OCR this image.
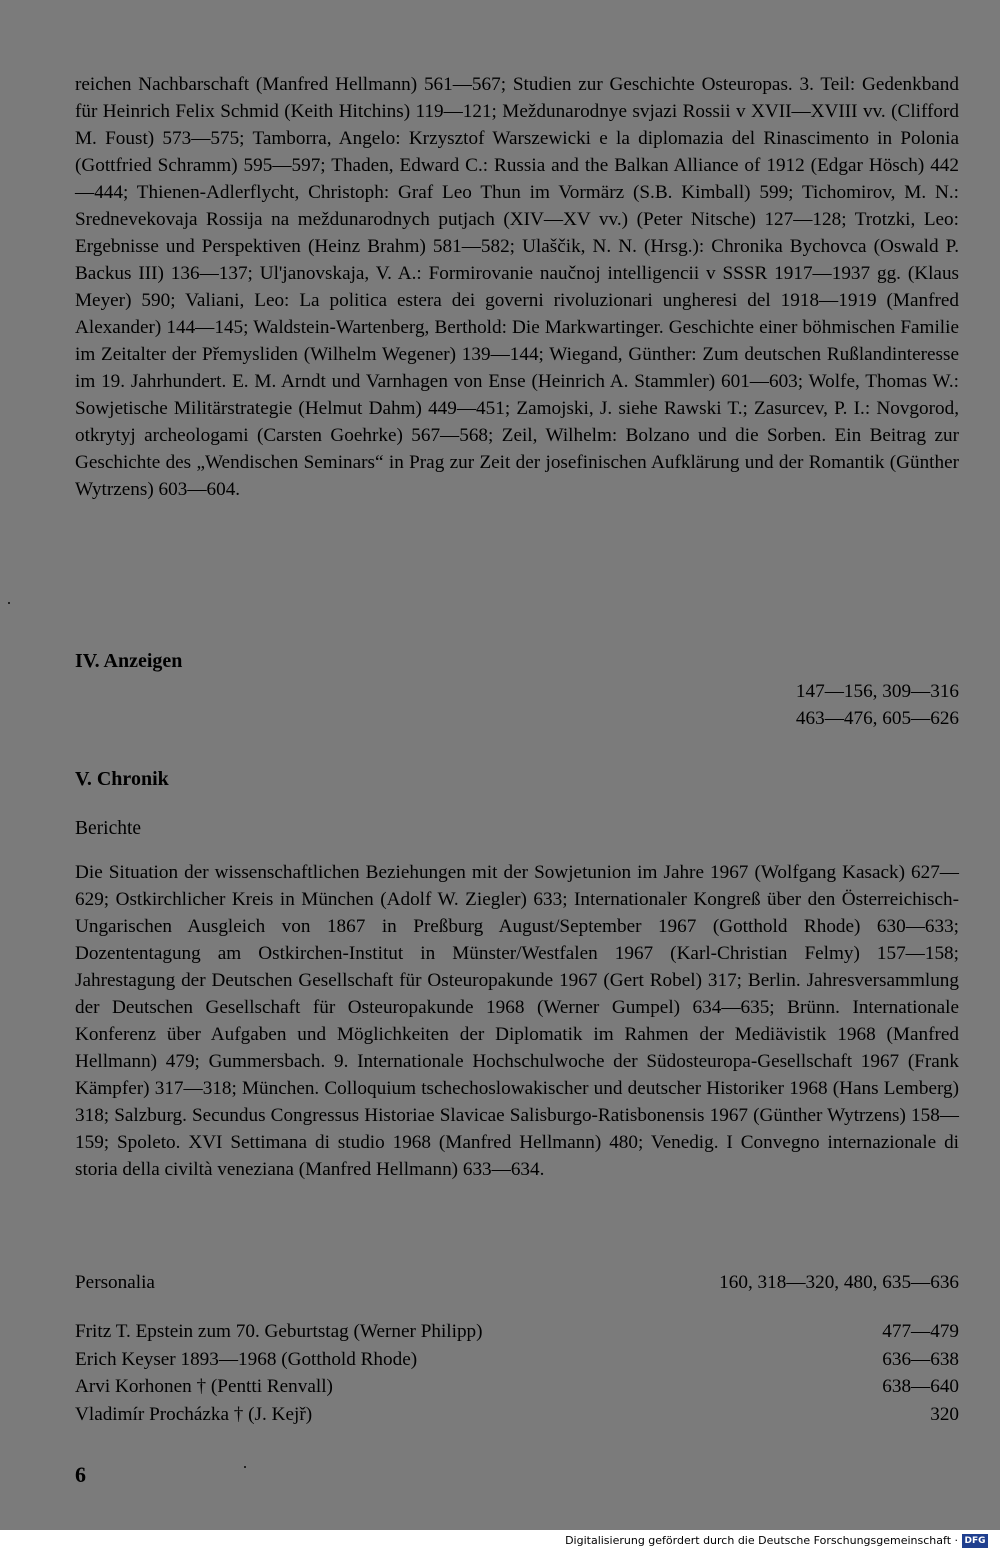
reichen Nachbarschaft (Manfred Hellmann) 561—567; Studien zur Geschichte Osteuropas. 3. Teil: Gedenkband für Heinrich Felix Schmid (Keith Hitchins) 119—121; Meždunarodnye svjazi Rossii v XVII—XVIII vv. (Clifford M. Foust) 573—575; Tamborra, Angelo: Krzysztof Warszewicki e la diplomazia del Rinascimento in Polonia (Gottfried Schramm) 595—597; Thaden, Edward C.: Russia and the Balkan Alliance of 1912 (Edgar Hösch) 442—444; Thienen-Adlerflycht, Christoph: Graf Leo Thun im Vormärz (S.B. Kimball) 599; Tichomirov, M. N.: Srednevekovaja Rossija na meždunarodnych putjach (XIV—XV vv.) (Peter Nitsche) 127—128; Trotzki, Leo: Ergebnisse und Perspektiven (Heinz Brahm) 581—582; Ulaščik, N. N. (Hrsg.): Chronika Bychovca (Oswald P. Backus III) 136—137; Ul'janovskaja, V. A.: Formirovanie naučnoj intelligencii v SSSR 1917—1937 gg. (Klaus Meyer) 590; Valiani, Leo: La politica estera dei governi rivoluzionari ungheresi del 1918—1919 (Manfred Alexander) 144—145; Waldstein-Wartenberg, Berthold: Die Markwartinger. Geschichte einer böhmischen Familie im Zeitalter der Přemysliden (Wilhelm Wegener) 139—144; Wiegand, Günther: Zum deutschen Rußlandinteresse im 19. Jahrhundert. E. M. Arndt und Varnhagen von Ense (Heinrich A. Stammler) 601—603; Wolfe, Thomas W.: Sowjetische Militärstrategie (Helmut Dahm) 449—451; Zamojski, J. siehe Rawski T.; Zasurcev, P. I.: Novgorod, otkrytyj archeologami (Carsten Goehrke) 567—568; Zeil, Wilhelm: Bolzano und die Sorben. Ein Beitrag zur Geschichte des „Wendischen Seminars“ in Prag zur Zeit der josefinischen Aufklärung und der Romantik (Günther Wytrzens) 603—604.
IV. Anzeigen
147—156, 309—316
463—476, 605—626
V. Chronik
Berichte
Die Situation der wissenschaftlichen Beziehungen mit der Sowjetunion im Jahre 1967 (Wolfgang Kasack) 627—629; Ostkirchlicher Kreis in München (Adolf W. Ziegler) 633; Internationaler Kongreß über den Österreichisch-Ungarischen Ausgleich von 1867 in Preßburg August/September 1967 (Gotthold Rhode) 630—633; Dozententagung am Ostkirchen-Institut in Münster/Westfalen 1967 (Karl-Christian Felmy) 157—158; Jahrestagung der Deutschen Gesellschaft für Osteuropakunde 1967 (Gert Robel) 317; Berlin. Jahresversammlung der Deutschen Gesellschaft für Osteuropakunde 1968 (Werner Gumpel) 634—635; Brünn. Internationale Konferenz über Aufgaben und Möglichkeiten der Diplomatik im Rahmen der Mediävistik 1968 (Manfred Hellmann) 479; Gummersbach. 9. Internationale Hochschulwoche der Südosteuropa-Gesellschaft 1967 (Frank Kämpfer) 317—318; München. Colloquium tschechoslowakischer und deutscher Historiker 1968 (Hans Lemberg) 318; Salzburg. Secundus Congressus Historiae Slavicae Salisburgo-Ratisbonensis 1967 (Günther Wytrzens) 158—159; Spoleto. XVI Settimana di studio 1968 (Manfred Hellmann) 480; Venedig. I Convegno internazionale di storia della civiltà veneziana (Manfred Hellmann) 633—634.
Personalia	160, 318—320, 480, 635—636
Fritz T. Epstein zum 70. Geburtstag (Werner Philipp)	477—479
Erich Keyser 1893—1968 (Gotthold Rhode)	636—638
Arvi Korhonen † (Pentti Renvall)	638—640
Vladimír Procházka † (J. Kejř)	320
6
Digitalisierung gefördert durch die Deutsche Forschungsgemeinschaft · DFG
